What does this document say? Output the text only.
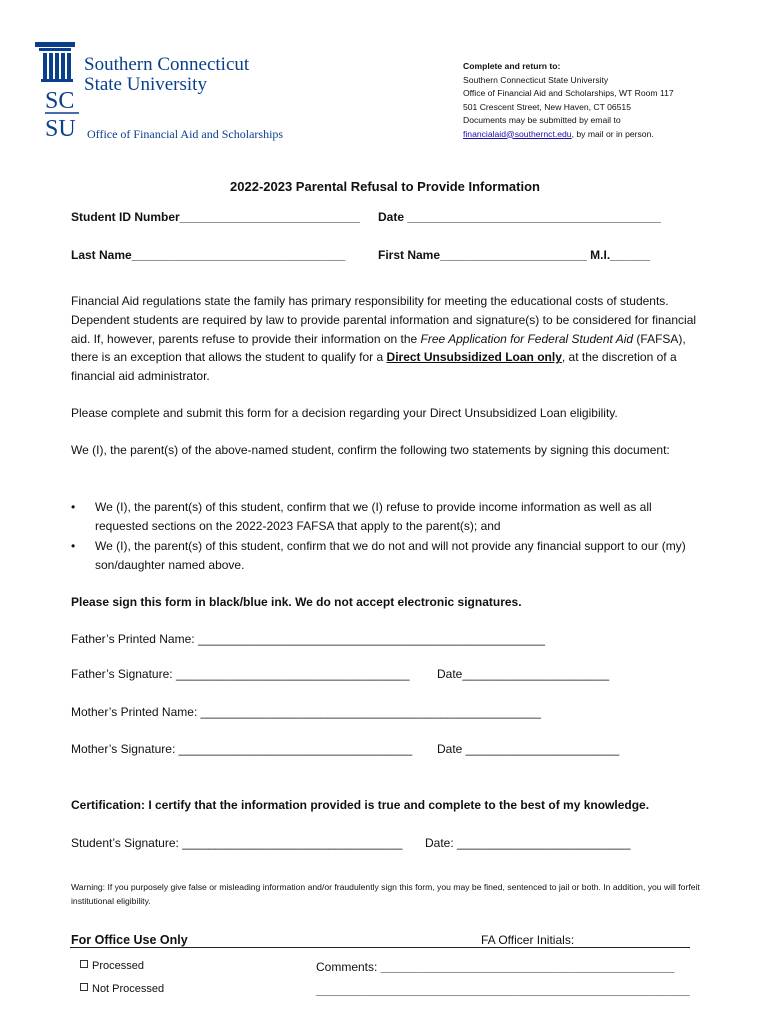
SC
SU
Southern Connecticut
State University
Office of Financial Aid and Scholarships
Complete and return to:
Southern Connecticut State University
Office of Financial Aid and Scholarships, WT Room 117
501 Crescent Street, New Haven, CT 06515
Documents may be submitted by email to
financialaid@southernct.edu, by mail or in person.
2022-2023 Parental Refusal to Provide Information
Student ID Number___________________________ Date ______________________________________
Last Name________________________________	First Name______________________ M.I.______
Financial Aid regulations state the family has primary responsibility for meeting the educational costs of students. Dependent students are required by law to provide parental information and signature(s) to be considered for financial aid. If, however, parents refuse to provide their information on the Free Application for Federal Student Aid (FAFSA), there is an exception that allows the student to qualify for a Direct Unsubsidized Loan only, at the discretion of a financial aid administrator.
Please complete and submit this form for a decision regarding your Direct Unsubsidized Loan eligibility.
We (I), the parent(s) of the above-named student, confirm the following two statements by signing this document:
• We (I), the parent(s) of this student, confirm that we (I) refuse to provide income information as well as all requested sections on the 2022-2023 FAFSA that apply to the parent(s); and
• We (I), the parent(s) of this student, confirm that we do not and will not provide any financial support to our (my) son/daughter named above.
Please sign this form in black/blue ink. We do not accept electronic signatures.
Father’s Printed Name: ____________________________________________________
Father’s Signature: ___________________________________ Date______________________
Mother’s Printed Name: ___________________________________________________
Mother’s Signature: ___________________________________ Date _______________________
Certification: I certify that the information provided is true and complete to the best of my knowledge.
Student’s Signature: _________________________________ Date: __________________________
Warning: If you purposely give false or misleading information and/or fraudulently sign this form, you may be fined, sentenced to jail or both. In addition, you will forfeit institutional eligibility.
For Office Use Only	FA Officer Initials:
Processed
Not Processed
Comments: ____________________________________________
________________________________________________________
